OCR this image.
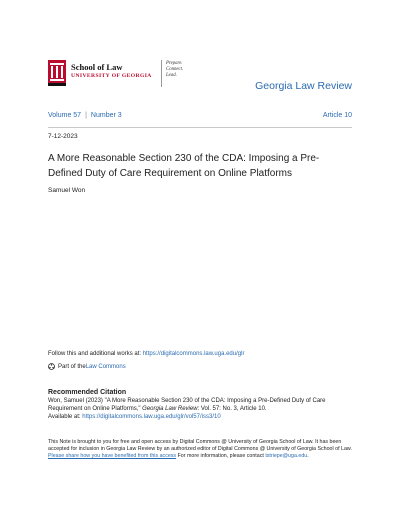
School of Law
UNIVERSITY OF GEORGIA
Prepare.
Connect.
Lead.
Georgia Law Review
Volume 57 | Number 3	Article 10
7-12-2023
A More Reasonable Section 230 of the CDA: Imposing a Pre-Defined Duty of Care Requirement on Online Platforms
Samuel Won
Follow this and additional works at: https://digitalcommons.law.uga.edu/glr
Part of the Law Commons
Recommended Citation
Won, Samuel (2023) "A More Reasonable Section 230 of the CDA: Imposing a Pre-Defined Duty of Care Requirement on Online Platforms," Georgia Law Review: Vol. 57: No. 3, Article 10.
Available at: https://digitalcommons.law.uga.edu/glr/vol57/iss3/10
This Note is brought to you for free and open access by Digital Commons @ University of Georgia School of Law. It has been accepted for inclusion in Georgia Law Review by an authorized editor of Digital Commons @ University of Georgia School of Law. Please share how you have benefited from this access For more information, please contact tstriepe@uga.edu.
